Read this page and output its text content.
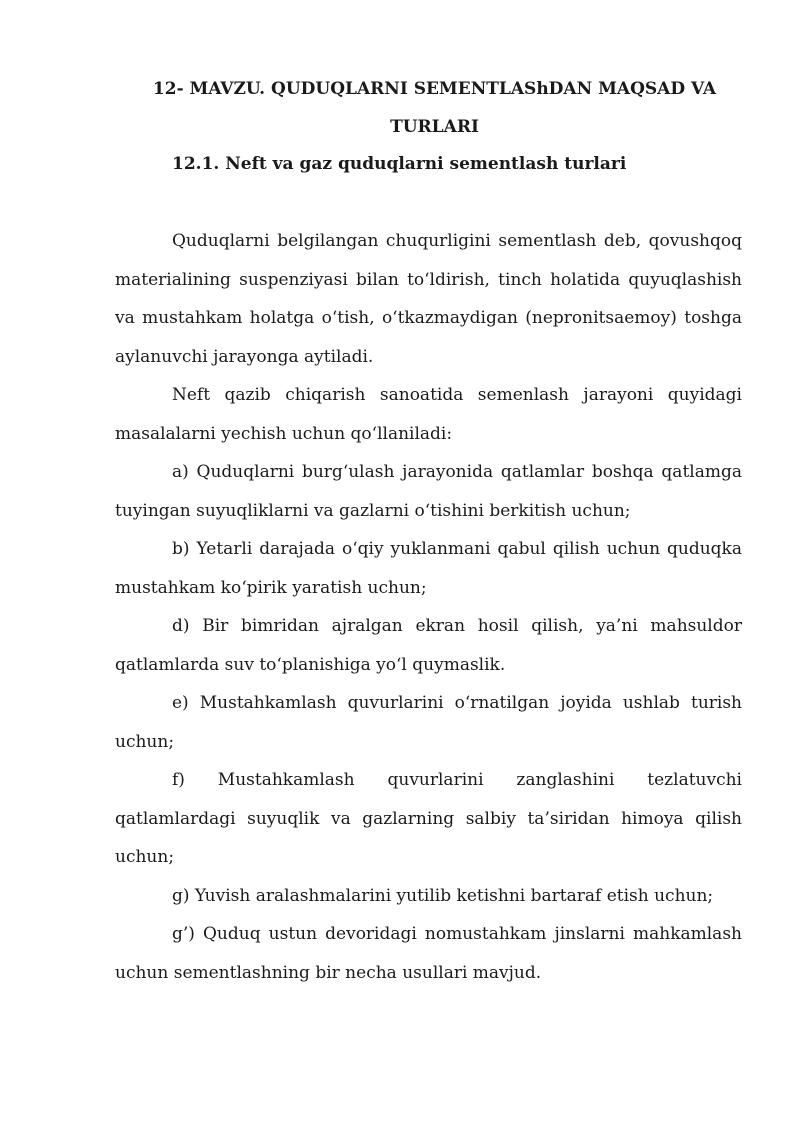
12- MAVZU. QUDUQLARNI SEMENTLAShDAN MAQSAD VA TURLARI
12.1. Neft va gaz quduqlarni sementlash turlari

Quduqlarni belgilangan chuqurligini sementlash deb, qovushqoq materialining suspenziyasi bilan toʻldirish, tinch holatida quyuqlashish va mustahkam holatga oʻtish, oʻtkazmaydigan (nepronitsaemoy) toshga aylanuvchi jarayonga aytiladi.

Neft qazib chiqarish sanoatida semenlash jarayoni quyidagi masalalarni yechish uchun qoʻllaniladi:

a) Quduqlarni burgʻulash jarayonida qatlamlar boshqa qatlamga tuyingan suyuqliklarni va gazlarni oʻtishini berkitish uchun;

b) Yetarli darajada oʻqiy yuklanmani qabul qilish uchun quduqka mustahkam koʻpirik yaratish uchun;

d) Bir bimridan ajralgan ekran hosil qilish, ya’ni mahsuldor qatlamlarda suv toʻplanishiga yoʻl quymaslik.

e) Mustahkamlash quvurlarini oʻrnatilgan joyida ushlab turish uchun;

f) Mustahkamlash quvurlarini zanglashini tezlatuvchi qatlamlardagi suyuqlik va gazlarning salbiy ta’siridan himoya qilish uchun;

g) Yuvish aralashmalarini yutilib ketishni bartaraf etish uchun;

g’) Quduq ustun devoridagi nomustahkam jinslarni mahkamlash uchun sementlashning bir necha usullari mavjud.
